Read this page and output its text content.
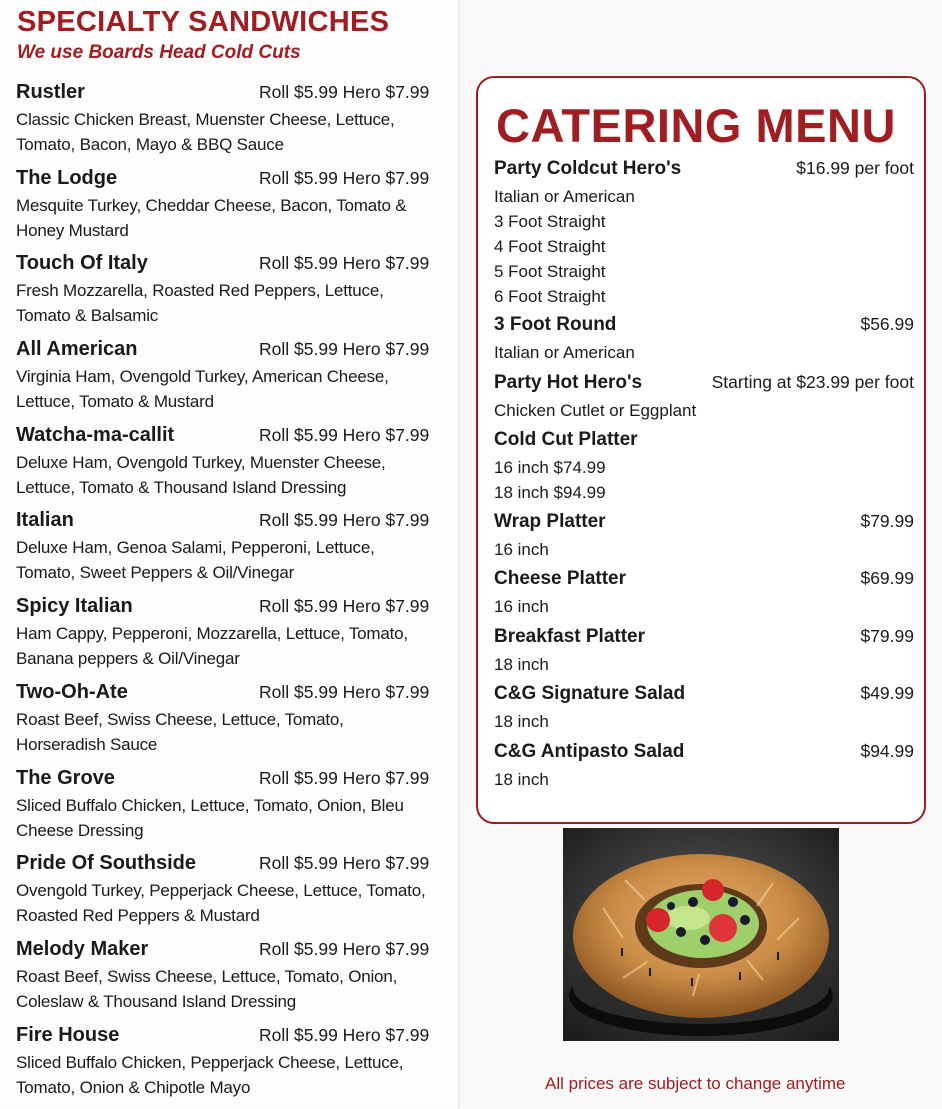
SPECIALTY SANDWICHES
We use Boards Head Cold Cuts
Rustler	Roll $5.99 Hero $7.99
Classic Chicken Breast, Muenster Cheese, Lettuce, Tomato, Bacon, Mayo & BBQ Sauce
The Lodge	Roll $5.99 Hero $7.99
Mesquite Turkey, Cheddar Cheese, Bacon, Tomato & Honey Mustard
Touch Of Italy	Roll $5.99 Hero $7.99
Fresh Mozzarella, Roasted Red Peppers, Lettuce, Tomato & Balsamic
All American	Roll $5.99 Hero $7.99
Virginia Ham, Ovengold Turkey, American Cheese, Lettuce, Tomato & Mustard
Watcha-ma-callit	Roll $5.99 Hero $7.99
Deluxe Ham, Ovengold Turkey, Muenster Cheese, Lettuce, Tomato & Thousand Island Dressing
Italian	Roll $5.99 Hero $7.99
Deluxe Ham, Genoa Salami, Pepperoni, Lettuce, Tomato, Sweet Peppers & Oil/Vinegar
Spicy Italian	Roll $5.99 Hero $7.99
Ham Cappy, Pepperoni, Mozzarella, Lettuce, Tomato, Banana peppers & Oil/Vinegar
Two-Oh-Ate	Roll $5.99 Hero $7.99
Roast Beef, Swiss Cheese, Lettuce, Tomato, Horseradish Sauce
The Grove	Roll $5.99 Hero $7.99
Sliced Buffalo Chicken, Lettuce, Tomato, Onion, Bleu Cheese Dressing
Pride Of Southside	Roll $5.99 Hero $7.99
Ovengold Turkey, Pepperjack Cheese, Lettuce, Tomato, Roasted Red Peppers & Mustard
Melody Maker	Roll $5.99 Hero $7.99
Roast Beef, Swiss Cheese, Lettuce, Tomato, Onion, Coleslaw & Thousand Island Dressing
Fire House	Roll $5.99 Hero $7.99
Sliced Buffalo Chicken, Pepperjack Cheese, Lettuce, Tomato, Onion & Chipotle Mayo
CATERING MENU
Party Coldcut Hero's	$16.99 per foot
Italian or American
3 Foot Straight
4 Foot Straight
5 Foot Straight
6 Foot Straight
3 Foot Round	$56.99
Italian or American
Party Hot Hero's	Starting at $23.99 per foot
Chicken Cutlet or Eggplant
Cold Cut Platter
16 inch $74.99
18 inch $94.99
Wrap Platter	$79.99
16 inch
Cheese Platter	$69.99
16 inch
Breakfast Platter	$79.99
18 inch
C&G Signature Salad	$49.99
18 inch
C&G Antipasto Salad	$94.99
18 inch
All prices are subject to change anytime
